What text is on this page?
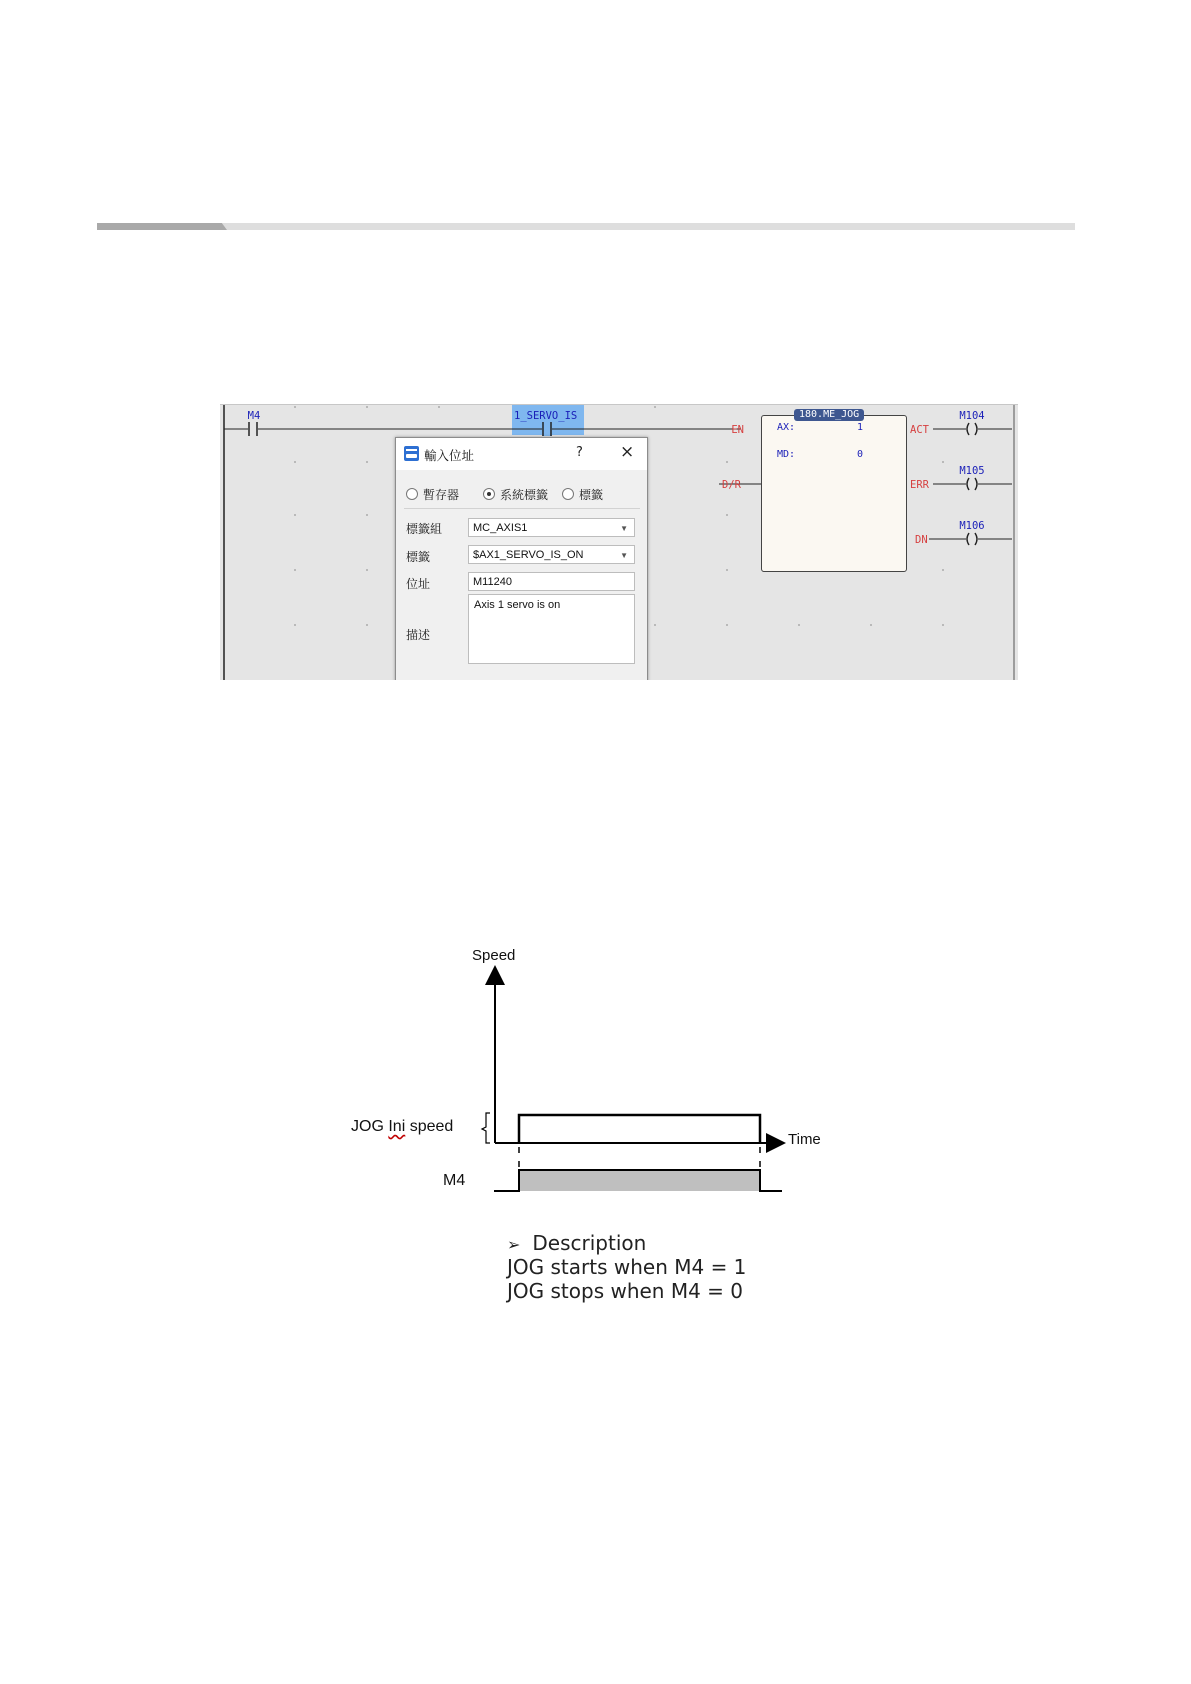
M4	1_SERVO_IS
EN
D/R
ACT
ERR
DN
M104
M105
M106
180.ME_JOG
AX:	1
MD:	0
輸入位址	? ×
暫存器	系統標籤	標籤
標籤組	MC_AXIS1	▼
標籤	$AX1_SERVO_IS_ON	▼
位址	M11240
描述
Axis 1 servo is on
Speed
Time
JOG Ini speed
M4
➢ Description
JOG starts when M4 = 1
JOG stops when M4 = 0
